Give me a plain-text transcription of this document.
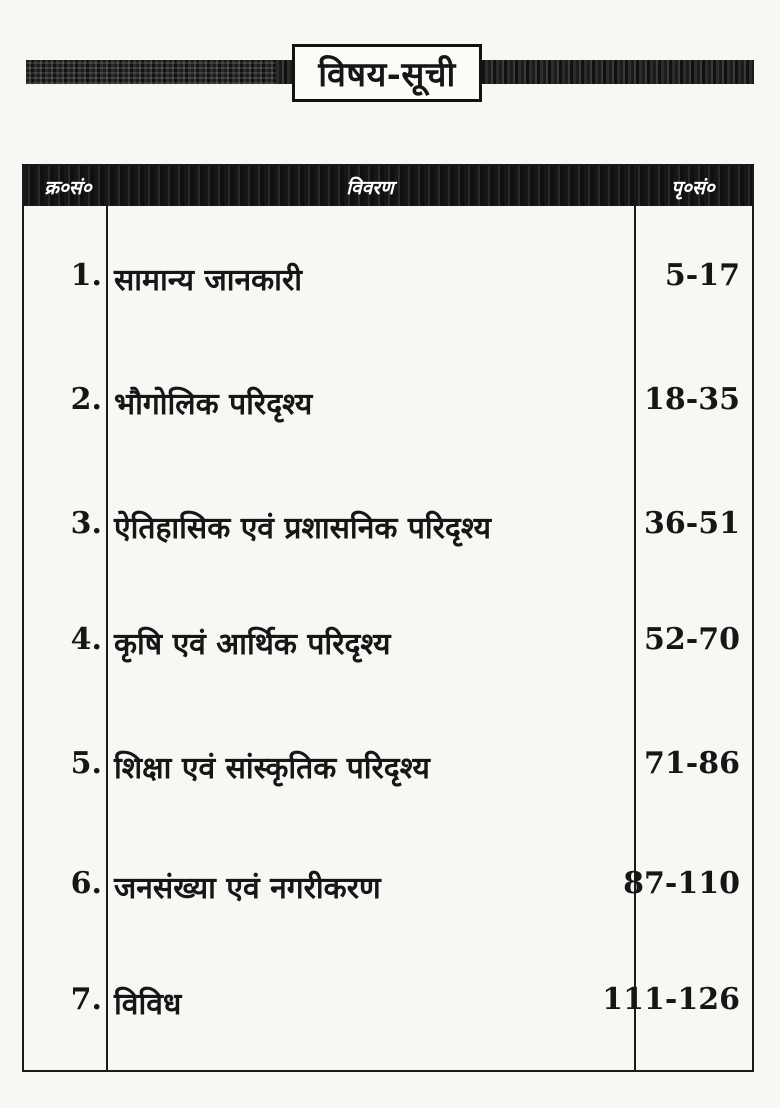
विषय-सूची
क्र०सं०	विवरण	पृ०सं०
1. सामान्य जानकारी	5-17
2. भौगोलिक परिदृश्य	18-35
3. ऐतिहासिक एवं प्रशासनिक परिदृश्य	36-51
4. कृषि एवं आर्थिक परिदृश्य	52-70
5. शिक्षा एवं सांस्कृतिक परिदृश्य	71-86
6. जनसंख्या एवं नगरीकरण	87-110
7. विविध	111-126
